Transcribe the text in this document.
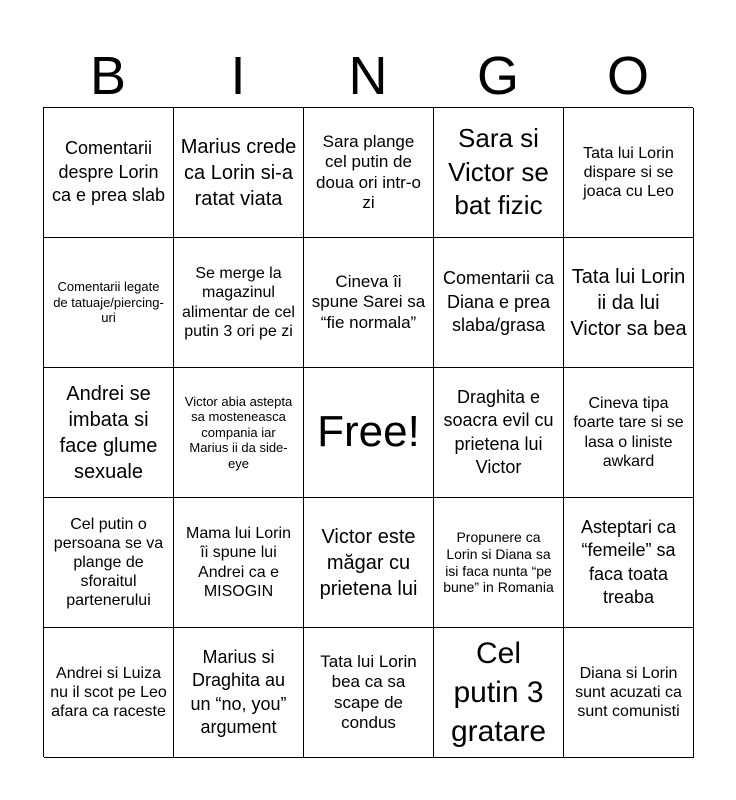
B	I	N	G	O
Comentarii despre Lorin ca e prea slab
Marius crede ca Lorin si-a ratat viata
Sara plange cel putin de doua ori intr-o zi
Sara si Victor se bat fizic
Tata lui Lorin dispare si se joaca cu Leo
Comentarii legate de tatuaje/piercing-uri
Se merge la magazinul alimentar de cel putin 3 ori pe zi
Cineva îi spune Sarei sa “fie normala”
Comentarii ca Diana e prea slaba/grasa
Tata lui Lorin ii da lui Victor sa bea
Andrei se imbata si face glume sexuale
Victor abia astepta sa mosteneasca compania iar Marius ii da side-eye
Free!
Draghita e soacra evil cu prietena lui Victor
Cineva tipa foarte tare si se lasa o liniste awkard
Cel putin o persoana se va plange de sforaitul partenerului
Mama lui Lorin îi spune lui Andrei ca e MISOGIN
Victor este măgar cu prietena lui
Propunere ca Lorin si Diana sa isi faca nunta “pe bune” in Romania
Asteptari ca “femeile” sa faca toata treaba
Andrei si Luiza nu il scot pe Leo afara ca raceste
Marius si Draghita au un “no, you” argument
Tata lui Lorin bea ca sa scape de condus
Cel putin 3 gratare
Diana si Lorin sunt acuzati ca sunt comunisti
